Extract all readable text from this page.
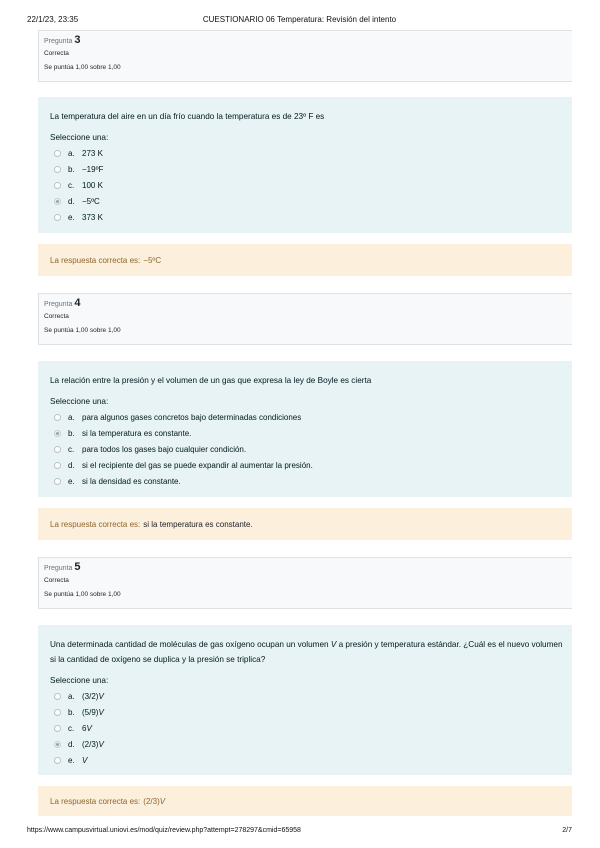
22/1/23, 23:35	CUESTIONARIO 06 Temperatura: Revisión del intento
Pregunta 3
Correcta
Se puntúa 1,00 sobre 1,00
La temperatura del aire en un día frío cuando la temperatura es de 23º F es
Seleccione una:
a. 273 K
b. −19ºF
c. 100 K
d. −5ºC
e. 373 K
La respuesta correcta es: −5ºC
Pregunta 4
Correcta
Se puntúa 1,00 sobre 1,00
La relación entre la presión y el volumen de un gas que expresa la ley de Boyle es cierta
Seleccione una:
a. para algunos gases concretos bajo determinadas condiciones
b. si la temperatura es constante.
c. para todos los gases bajo cualquier condición.
d. si el recipiente del gas se puede expandir al aumentar la presión.
e. si la densidad es constante.
La respuesta correcta es: si la temperatura es constante.
Pregunta 5
Correcta
Se puntúa 1,00 sobre 1,00
Una determinada cantidad de moléculas de gas oxígeno ocupan un volumen V a presión y temperatura estándar. ¿Cuál es el nuevo volumen si la cantidad de oxígeno se duplica y la presión se triplica?
Seleccione una:
a. (3/2)V
b. (5/9)V
c. 6V
d. (2/3)V
e. V
La respuesta correcta es: (2/3)V
https://www.campusvirtual.uniovi.es/mod/quiz/review.php?attempt=278297&cmid=65958	2/7
